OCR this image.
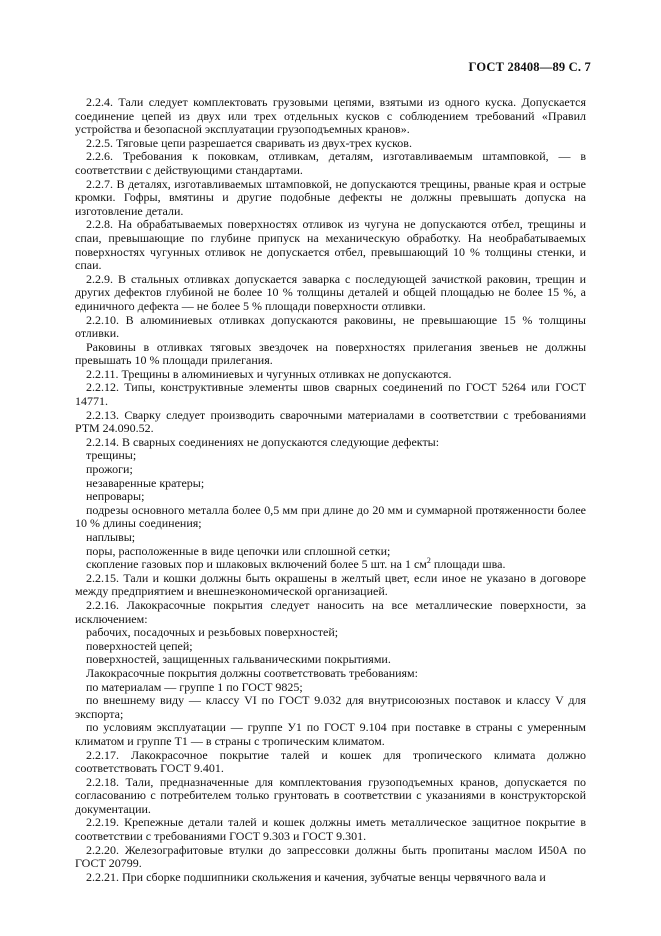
ГОСТ 28408—89 С. 7

2.2.4. Тали следует комплектовать грузовыми цепями, взятыми из одного куска. Допускается соединение цепей из двух или трех отдельных кусков с соблюдением требований «Правил устройства и безопасной эксплуатации грузоподъемных кранов».

2.2.5. Тяговые цепи разрешается сваривать из двух-трех кусков.

2.2.6. Требования к поковкам, отливкам, деталям, изготавливаемым штамповкой, — в соответствии с действующими стандартами.

2.2.7. В деталях, изготавливаемых штамповкой, не допускаются трещины, рваные края и острые кромки. Гофры, вмятины и другие подобные дефекты не должны превышать допуска на изготовление детали.

2.2.8. На обрабатываемых поверхностях отливок из чугуна не допускаются отбел, трещины и спаи, превышающие по глубине припуск на механическую обработку. На необрабатываемых поверхностях чугунных отливок не допускается отбел, превышающий 10 % толщины стенки, и спаи.

2.2.9. В стальных отливках допускается заварка с последующей зачисткой раковин, трещин и других дефектов глубиной не более 10 % толщины деталей и общей площадью не более 15 %, а единичного дефекта — не более 5 % площади поверхности отливки.

2.2.10. В алюминиевых отливках допускаются раковины, не превышающие 15 % толщины отливки.

Раковины в отливках тяговых звездочек на поверхностях прилегания звеньев не должны превышать 10 % площади прилегания.

2.2.11. Трещины в алюминиевых и чугунных отливках не допускаются.

2.2.12. Типы, конструктивные элементы швов сварных соединений по ГОСТ 5264 или ГОСТ 14771.

2.2.13. Сварку следует производить сварочными материалами в соответствии с требованиями РТМ 24.090.52.

2.2.14. В сварных соединениях не допускаются следующие дефекты:

трещины;

прожоги;

незаваренные кратеры;

непровары;

подрезы основного металла более 0,5 мм при длине до 20 мм и суммарной протяженности более 10 % длины соединения;

наплывы;

поры, расположенные в виде цепочки или сплошной сетки;

скопление газовых пор и шлаковых включений более 5 шт. на 1 $см^2$ площади шва.

2.2.15. Тали и кошки должны быть окрашены в желтый цвет, если иное не указано в договоре между предприятием и внешнеэкономической организацией.

2.2.16. Лакокрасочные покрытия следует наносить на все металлические поверхности, за исключением:

рабочих, посадочных и резьбовых поверхностей;

поверхностей цепей;

поверхностей, защищенных гальваническими покрытиями.

Лакокрасочные покрытия должны соответствовать требованиям:

по материалам — группе 1 по ГОСТ 9825;

по внешнему виду — классу VI по ГОСТ 9.032 для внутрисоюзных поставок и классу V для экспорта;

по условиям эксплуатации — группе У1 по ГОСТ 9.104 при поставке в страны с умеренным климатом и группе Т1 — в страны с тропическим климатом.

2.2.17. Лакокрасочное покрытие талей и кошек для тропического климата должно соответствовать ГОСТ 9.401.

2.2.18. Тали, предназначенные для комплектования грузоподъемных кранов, допускается по согласованию с потребителем только грунтовать в соответствии с указаниями в конструкторской документации.

2.2.19. Крепежные детали талей и кошек должны иметь металлическое защитное покрытие в соответствии с требованиями ГОСТ 9.303 и ГОСТ 9.301.

2.2.20. Железографитовые втулки до запрессовки должны быть пропитаны маслом И50А по ГОСТ 20799.

2.2.21. При сборке подшипники скольжения и качения, зубчатые венцы червячного вала и
